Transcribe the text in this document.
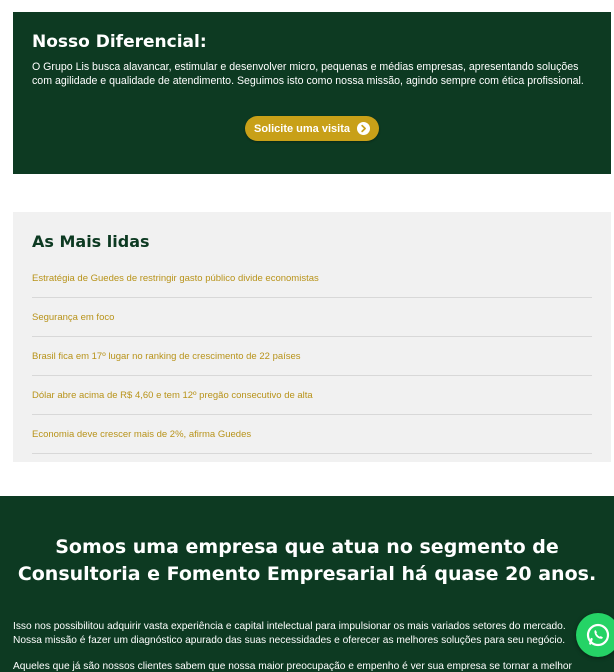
Nosso Diferencial:

O Grupo Lis busca alavancar, estimular e desenvolver micro, pequenas e médias empresas, apresentando soluções com agilidade e qualidade de atendimento. Seguimos isto como nossa missão, agindo sempre com ética profissional.

Solicite uma visita
As Mais lidas
Estratégia de Guedes de restringir gasto público divide economistas
Segurança em foco
Brasil fica em 17º lugar no ranking de crescimento de 22 países
Dólar abre acima de R$ 4,60 e tem 12º pregão consecutivo de alta
Economia deve crescer mais de 2%, afirma Guedes
Somos uma empresa que atua no segmento de Consultoria e Fomento Empresarial há quase 20 anos.

Isso nos possibilitou adquirir vasta experiência e capital intelectual para impulsionar os mais variados setores do mercado.
Nossa missão é fazer um diagnóstico apurado das suas necessidades e oferecer as melhores soluções para seu negócio.

Aqueles que já são nossos clientes sabem que nossa maior preocupação e empenho é ver sua empresa se tornar a melhor
